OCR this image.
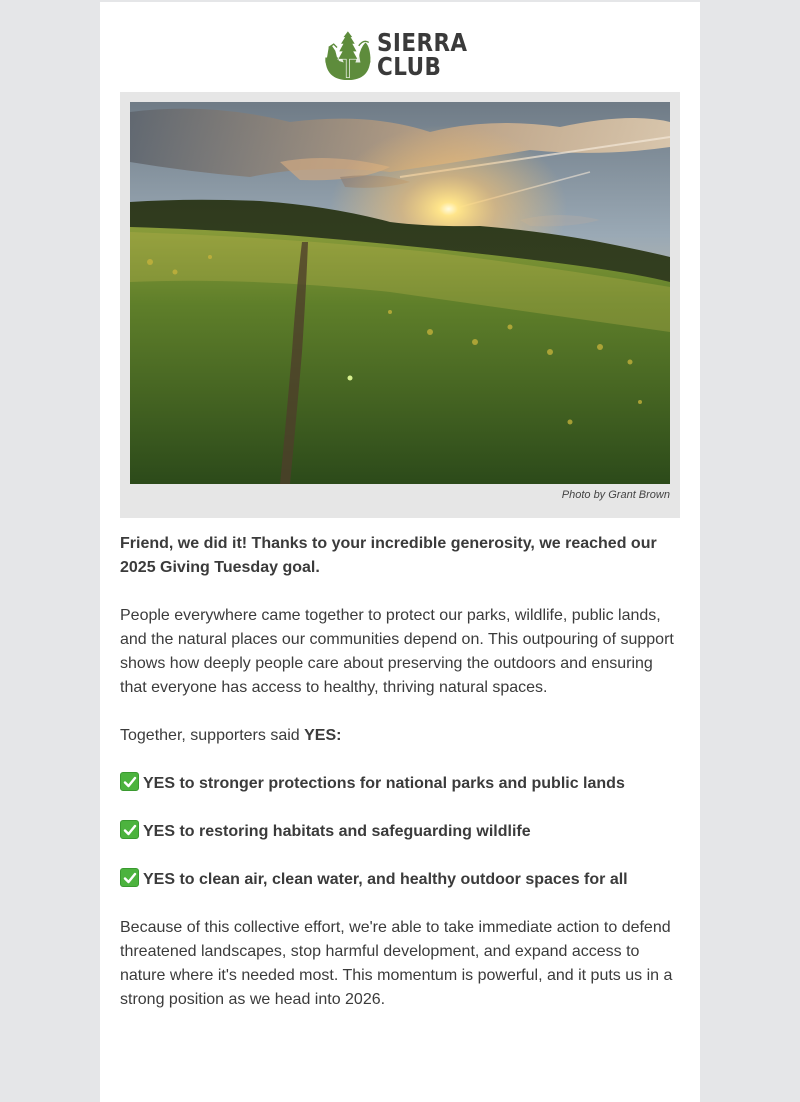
SIERRA
CLUB
Photo by Grant Brown

Friend, we did it! Thanks to your incredible generosity, we reached our 2025 Giving Tuesday goal.

People everywhere came together to protect our parks, wildlife, public lands, and the natural places our communities depend on. This outpouring of support shows how deeply people care about preserving the outdoors and ensuring that everyone has access to healthy, thriving natural spaces.

Together, supporters said YES:

YES to stronger protections for national parks and public lands

YES to restoring habitats and safeguarding wildlife

YES to clean air, clean water, and healthy outdoor spaces for all

Because of this collective effort, we're able to take immediate action to defend threatened landscapes, stop harmful development, and expand access to nature where it's needed most. This momentum is powerful, and it puts us in a strong position as we head into 2026.
